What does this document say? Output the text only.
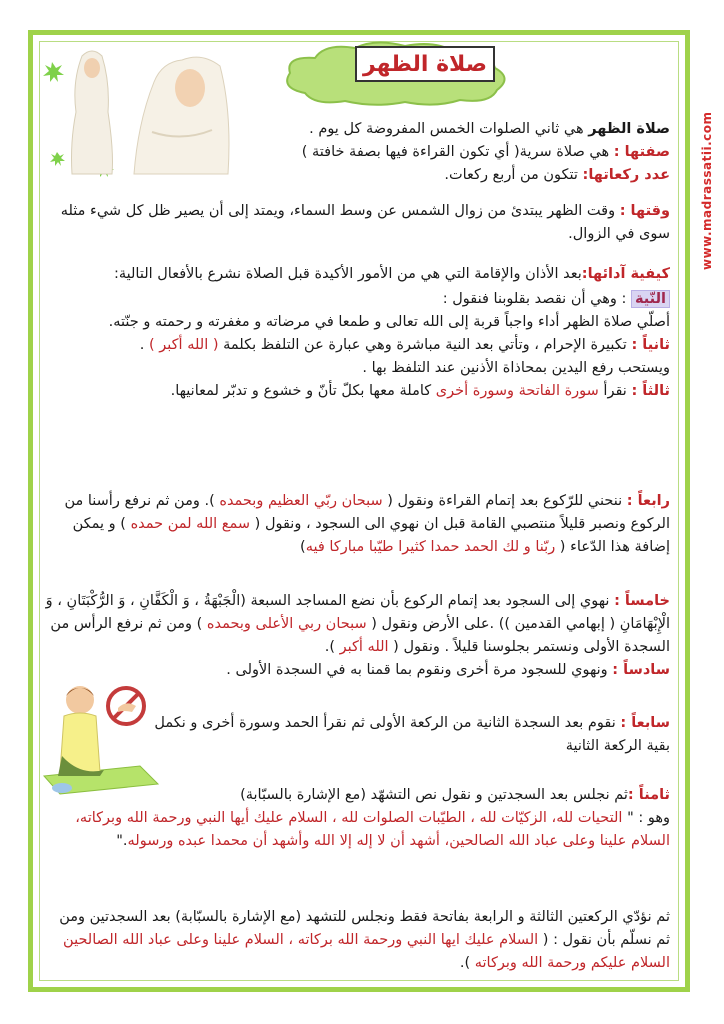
www.madrassatii.com
صلاة الظهر

صلاة الظهر هي ثاني الصلوات الخمس المفروضة كل يوم .

صفتها : هي صلاة سرية( أي تكون القراءة فيها بصفة خافتة )

عدد ركعاتها: تتكون من أربع ركعات.

وقتها : وقت الظهر يبتدئ من زوال الشمس عن وسط السماء، ويمتد إلى أن يصير ظل كل شيء مثله سوى في الزوال.

كيفية آدائها:بعد الأذان والإقامة التي هي من الأمور الأكيدة قبل الصلاة نشرع بالأفعال التالية:

النّية : وهي أن نقصد بقلوبنا فنقول :

أصلّي صلاة الظهر أداء واجباً قربة إلى الله تعالى و طمعا في مرضاته و مغفرته و رحمته و جنّته.

ثانياً : تكبيرة الإحرام ، وتأتي بعد النية مباشرة وهي عبارة عن التلفظ بكلمة ( الله أكبر ) .

ويستحب رفع اليدين بمحاذاة الأذنين عند التلفظ بها .

ثالثاً : نقرأ سورة الفاتحة وسورة أخرى كاملة معها بكلّ تأنّ و خشوع و تدبّر لمعانيها.

رابعاً : ننحني للرّكوع بعد إتمام القراءة ونقول ( سبحان ربّي العظيم وبحمده ). ومن ثم نرفع رأسنا من الركوع ونصبر قليلاً منتصبي القامة قبل ان نهوي الى السجود ، ونقول ( سمع الله لمن حمده ) و يمكن إضافة هذا الدّعاء ( ربّنا و لك الحمد حمدا كثيرا طيّبا مباركا فيه)

خامساً : نهوي إلى السجود بعد إتمام الركوع بأن نضع المساجد السبعة (الْجَبْهَةُ ، وَ الْكَفَّانِ ، وَ الرُّكْبَتَانِ ، وَ الْإِبْهَامَانِ ( إبهامي القدمين )) .على الأرض ونقول ( سبحان ربي الأعلى وبحمده ) ومن ثم نرفع الرأس من السجدة الأولى ونستمر بجلوسنا قليلاً . ونقول ( الله أكبر ).

سادساً : ونهوي للسجود مرة أخرى ونقوم بما قمنا به في السجدة الأولى .

سابعاً : نقوم بعد السجدة الثانية من الركعة الأولى ثم نقرأ الحمد وسورة أخرى و نكمل بقية الركعة الثانية

ثامناً :ثم نجلس بعد السجدتين و نقول نص التشهّد (مع الإشارة بالسبّابة)

وهو : " التحيات لله، الزكيّات لله ، الطيّبات الصلوات لله ، السلام عليك أيها النبي ورحمة الله وبركاته، السلام علينا وعلى عباد الله الصالحين، أشهد أن لا إله إلا الله وأشهد أن محمدا عبده ورسوله."

ثم نؤدّي الركعتين الثالثة و الرابعة بفاتحة فقط ونجلس للتشهد (مع الإشارة بالسبّابة) بعد السجدتين ومن ثم نسلّم بأن نقول : ( السلام عليك ايها النبي ورحمة الله بركاته ، السلام علينا وعلى عباد الله الصالحين السلام عليكم ورحمة الله وبركاته ).
